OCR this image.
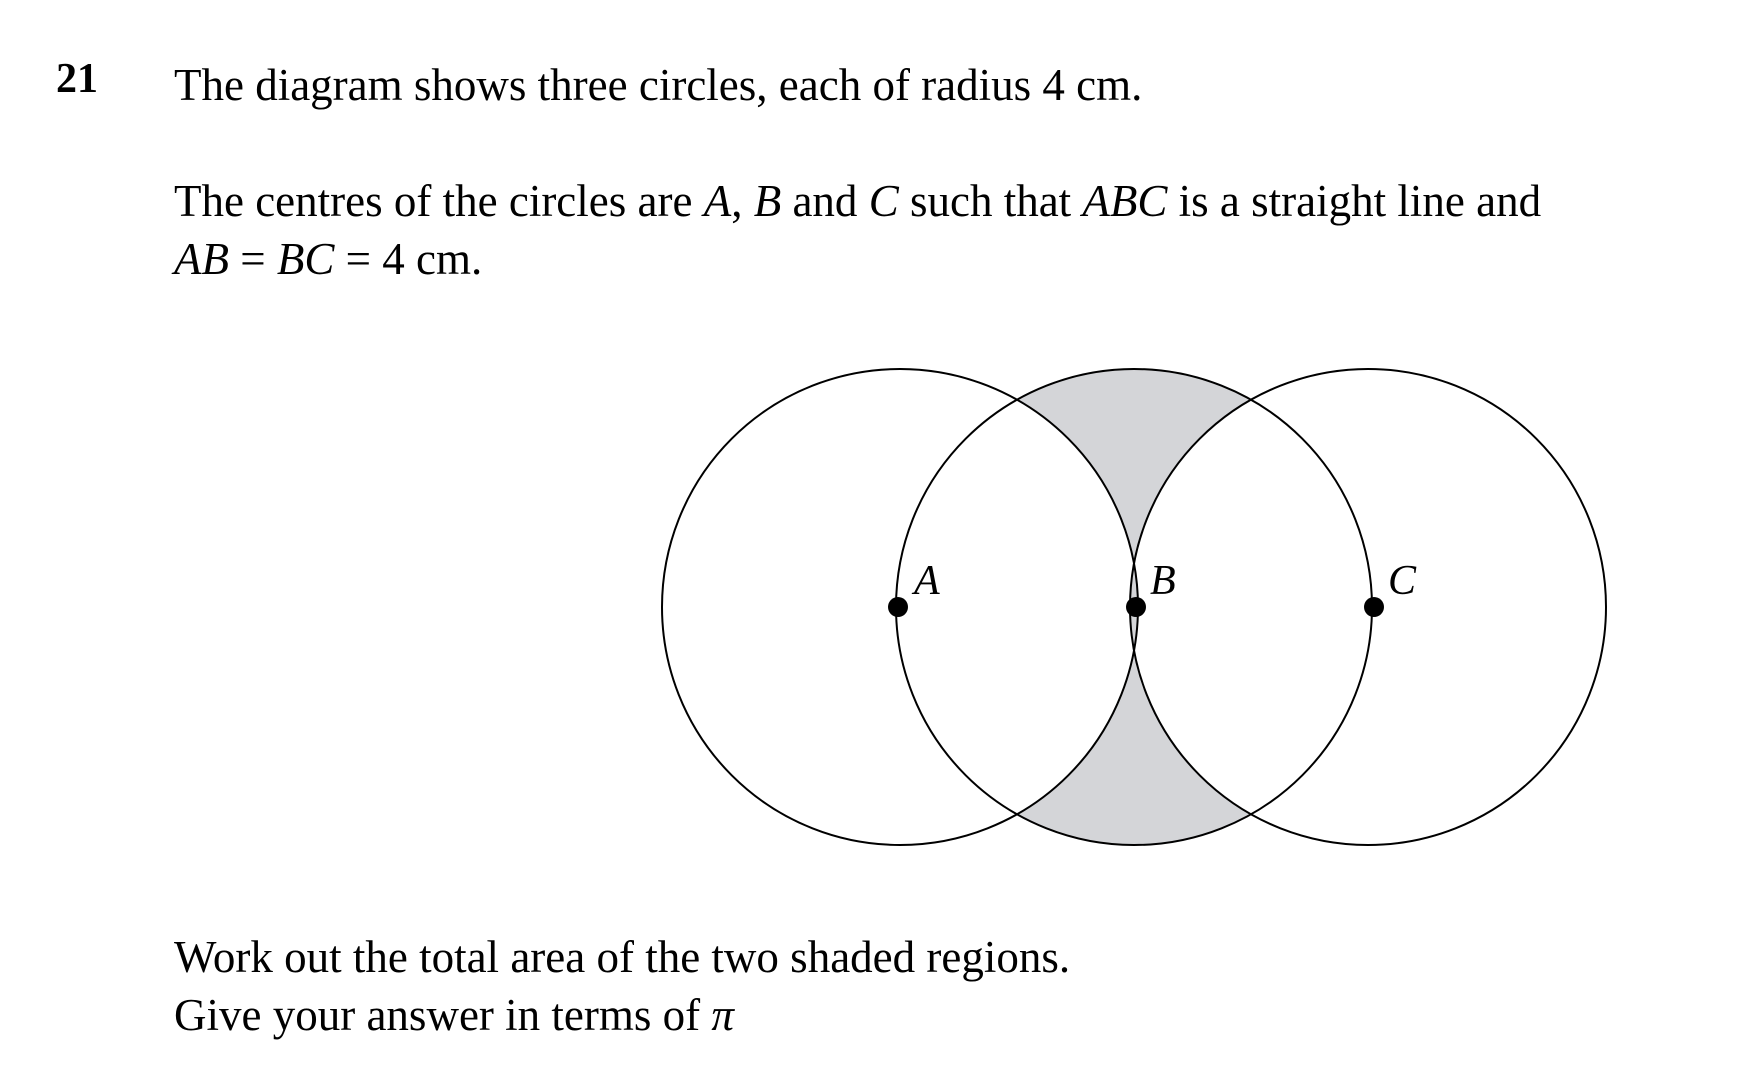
21 The diagram shows three circles, each of radius 4 cm.
The centres of the circles are A, B and C such that ABC is a straight line and
AB = BC = 4 cm.
A	B	C
Work out the total area of the two shaded regions.
Give your answer in terms of π
